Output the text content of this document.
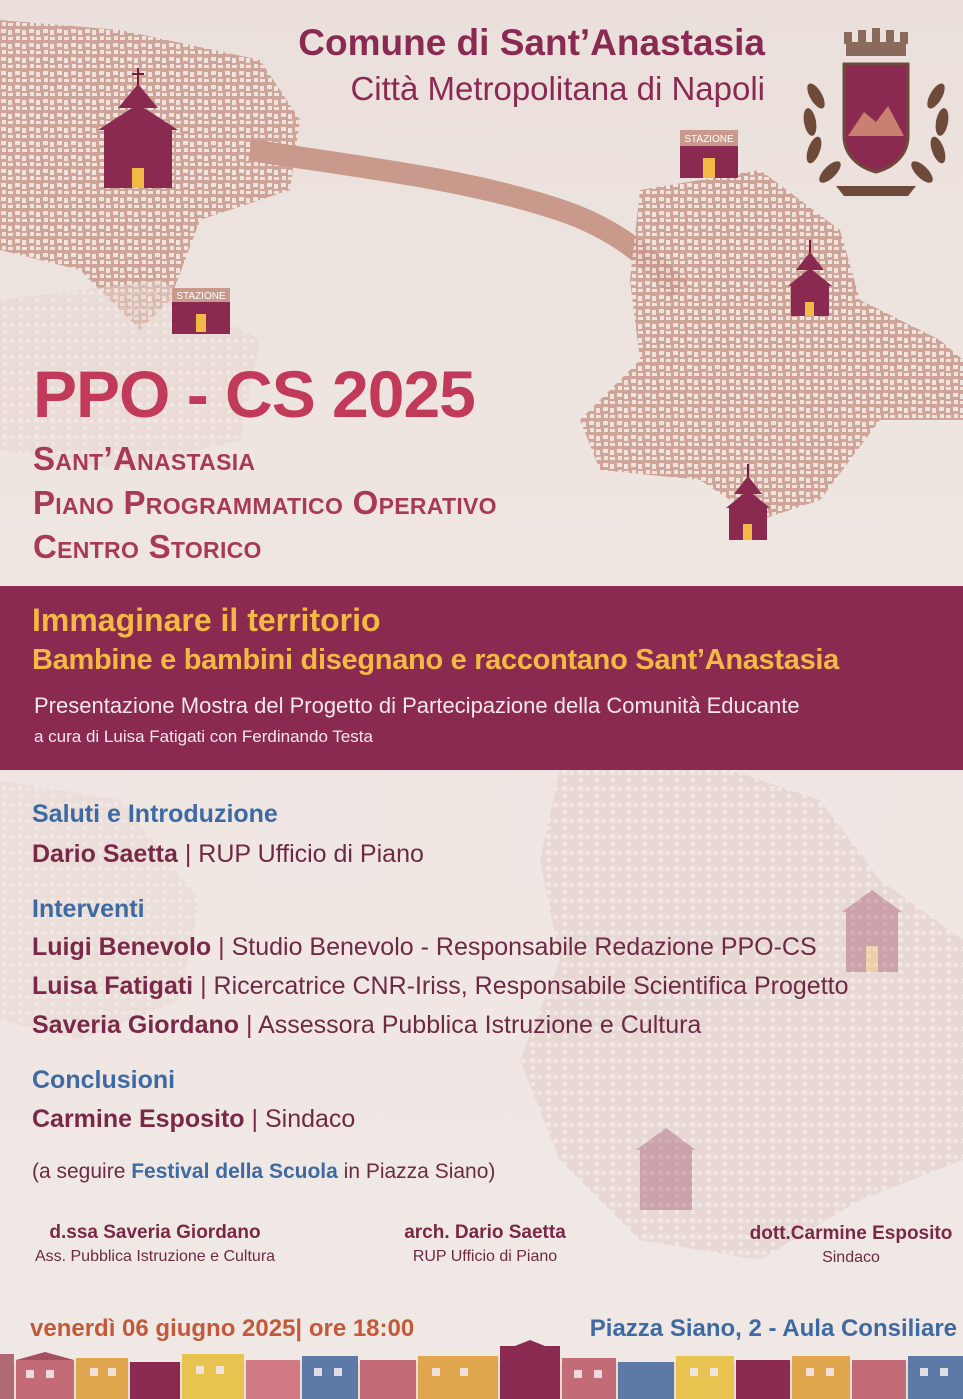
STAZIONE
STAZIONE
Comune di Sant’Anastasia
Città Metropolitana di Napoli
PPO - CS 2025
Sant’Anastasia
Piano Programmatico Operativo
Centro Storico
Immaginare il territorio
Bambine e bambini disegnano e raccontano Sant’Anastasia
Presentazione Mostra del Progetto di Partecipazione della Comunità Educante
a cura di Luisa Fatigati con Ferdinando Testa
Saluti e Introduzione
Dario Saetta | RUP Ufficio di Piano
Interventi
Luigi Benevolo | Studio Benevolo - Responsabile Redazione PPO-CS
Luisa Fatigati | Ricercatrice CNR-Iriss, Responsabile Scientifica Progetto
Saveria Giordano | Assessora Pubblica Istruzione e Cultura
Conclusioni
Carmine Esposito | Sindaco
(a seguire Festival della Scuola in Piazza Siano)
d.ssa Saveria Giordano
Ass. Pubblica Istruzione e Cultura
arch. Dario Saetta
RUP Ufficio di Piano
dott.Carmine Esposito
Sindaco
venerdì 06 giugno 2025| ore 18:00	Piazza Siano, 2 - Aula Consiliare
